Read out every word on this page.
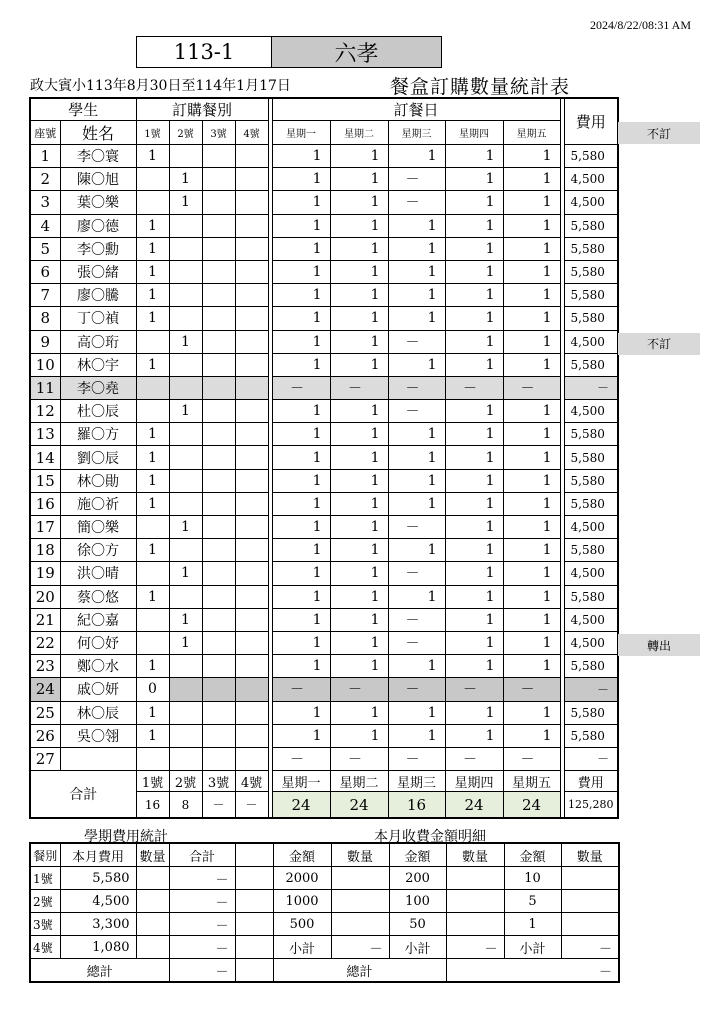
2024/8/22/08:31 AM
113-1	六孝
政大賓小113年8月30日至114年1月17日	餐盒訂購數量統計表
學生		訂購餐別					訂餐日						費用
座號	姓名	1號	2號	3號	4號		星期一	星期二	星期三	星期四	星期五		
1	李〇寰	1					1	1	1	1	1		5,580
2	陳〇旭		1				1	1	－	1	1		4,500
3	葉〇樂		1				1	1	－	1	1		4,500
4	廖〇德	1					1	1	1	1	1		5,580
5	李〇勳	1					1	1	1	1	1		5,580
6	張〇緒	1					1	1	1	1	1		5,580
7	廖〇騰	1					1	1	1	1	1		5,580
8	丁〇禎	1					1	1	1	1	1		5,580
9	高〇珩		1				1	1	－	1	1		4,500
10	林〇宇	1					1	1	1	1	1		5,580
11	李〇堯						－	－	－	－	－		－
12	杜〇辰		1				1	1	－	1	1		4,500
13	羅〇方	1					1	1	1	1	1		5,580
14	劉〇辰	1					1	1	1	1	1		5,580
15	林〇勛	1					1	1	1	1	1		5,580
16	施〇祈	1					1	1	1	1	1		5,580
17	簡〇樂		1				1	1	－	1	1		4,500
18	徐〇方	1					1	1	1	1	1		5,580
19	洪〇晴		1				1	1	－	1	1		4,500
20	蔡〇悠	1					1	1	1	1	1		5,580
21	紀〇嘉		1				1	1	－	1	1		4,500
22	何〇妤		1				1	1	－	1	1		4,500
23	鄭〇水	1					1	1	1	1	1		5,580
24	戚〇妍	0					－	－	－	－	－		－
25	林〇辰	1					1	1	1	1	1		5,580
26	吳〇翎	1					1	1	1	1	1		5,580
27							－	－	－	－	－		－
合計		1號	2號	3號	4號		星期一	星期二	星期三	星期四	星期五		費用
		16	8	－	－		24	24	16	24	24		125,280
不訂
不訂
轉出
學期費用統計	本月收費金額明細
餐別	本月費用	數量	合計		金額	數量	金額	數量	金額	數量
1號	5,580		－		2000		200		10	
2號	4,500		－		1000		100		5	
3號	3,300		－		500		50		1	
4號	1,080		－		小計	－	小計	－	小計	－
總計			－		總計			－		
